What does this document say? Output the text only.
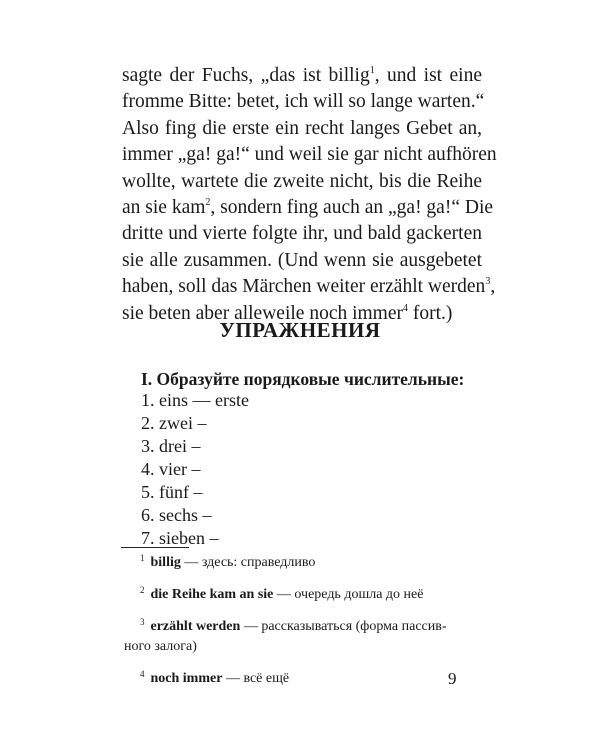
sagte der Fuchs, „das ist billig$^1$, und ist eine
fromme Bitte: betet, ich will so lange warten.“
Also fing die erste ein recht langes Gebet an,
immer „ga! ga!“ und weil sie gar nicht aufhören
wollte, wartete die zweite nicht, bis die Reihe
an sie kam$^2$, sondern fing auch an „ga! ga!“ Die
dritte und vierte folgte ihr, und bald gackerten
sie alle zusammen. (Und wenn sie ausgebetet
haben, soll das Märchen weiter erzählt werden$^3$,
sie beten aber alleweile noch immer$^4$ fort.)
УПРАЖНЕНИЯ

I. Образуйте порядковые числительные:

1. eins — erste
2. zwei –
3. drei –
4. vier –
5. fünf –
6. sechs –
7. sieben –

$^1$ billig — здесь: справедливо

$^2$ die Reihe kam an sie — очередь дошла до неё

$^3$ erzählt werden — рассказываться (форма пассив-
ного залога)

$^4$ noch immer — всё ещё	9
